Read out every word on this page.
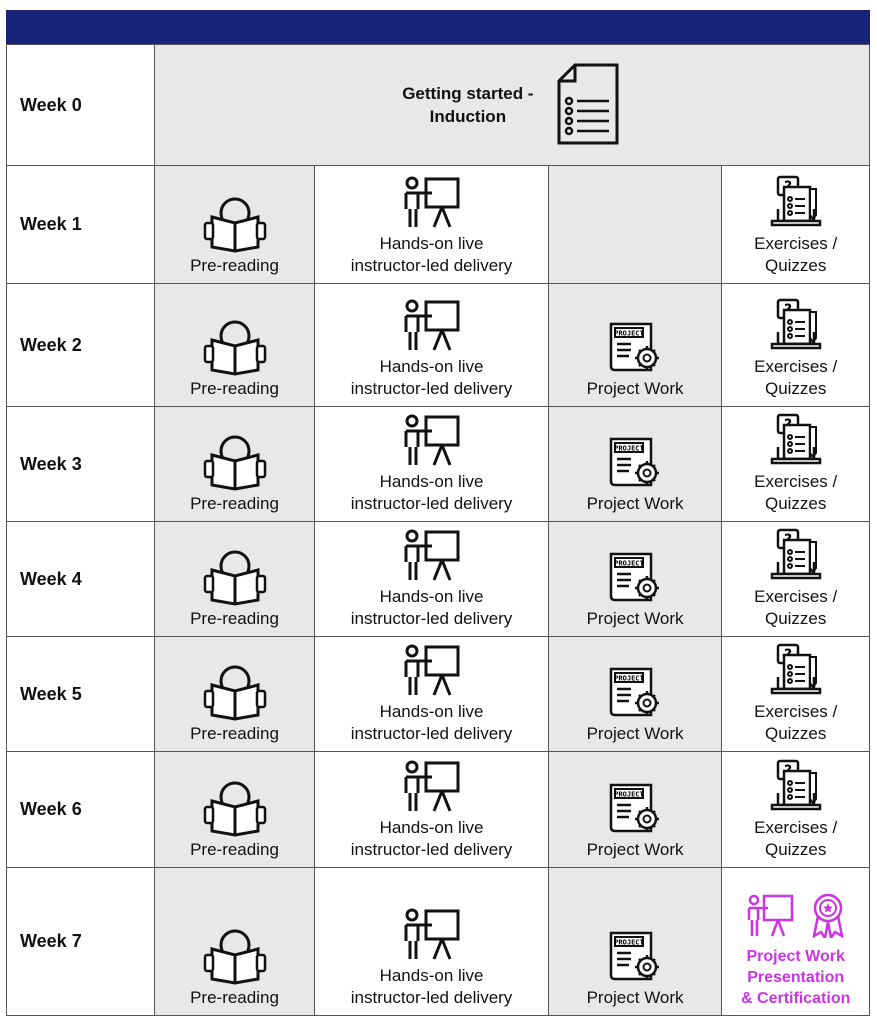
Week 0
Getting started -
Induction
Week 1
Pre-reading
Hands-on live
instructor-led delivery
Exercises /
Quizzes
Week 2
Pre-reading
Hands-on live
instructor-led delivery
PROJECT
Project Work
Exercises /
Quizzes
Week 3
Pre-reading
Hands-on live
instructor-led delivery
PROJECT
Project Work
Exercises /
Quizzes
Week 4
Pre-reading
Hands-on live
instructor-led delivery
PROJECT
Project Work
Exercises /
Quizzes
Week 5
Pre-reading
Hands-on live
instructor-led delivery
PROJECT
Project Work
Exercises /
Quizzes
Week 6
Pre-reading
Hands-on live
instructor-led delivery
PROJECT
Project Work
Exercises /
Quizzes
Week 7
Pre-reading
Hands-on live
instructor-led delivery
PROJECT
Project Work
Project Work
Presentation
& Certification
